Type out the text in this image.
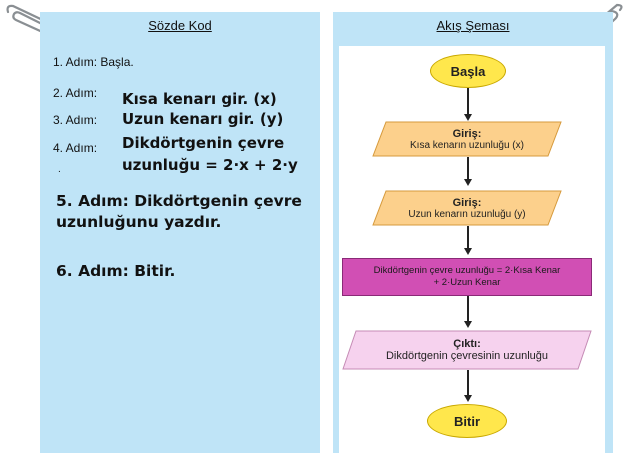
Sözde Kod
1. Adım: Başla.
2. Adım: Kısa kenarı gir. (x)
3. Adım: Uzun kenarı gir. (y)
4. Adım: Dikdörtgenin çevre
uzunluğu = 2·x + 2·y
.
5. Adım: Dikdörtgenin çevre
uzunluğunu yazdır.
6. Adım: Bitir.
Akış Şeması
Başla
Giriş:
Kısa kenarın uzunluğu (x)
Giriş:
Uzun kenarın uzunluğu (y)
Dikdörtgenin çevre uzunluğu = 2·Kısa Kenar
+ 2·Uzun Kenar
Çıktı:
Dikdörtgenin çevresinin uzunluğu
Bitir
